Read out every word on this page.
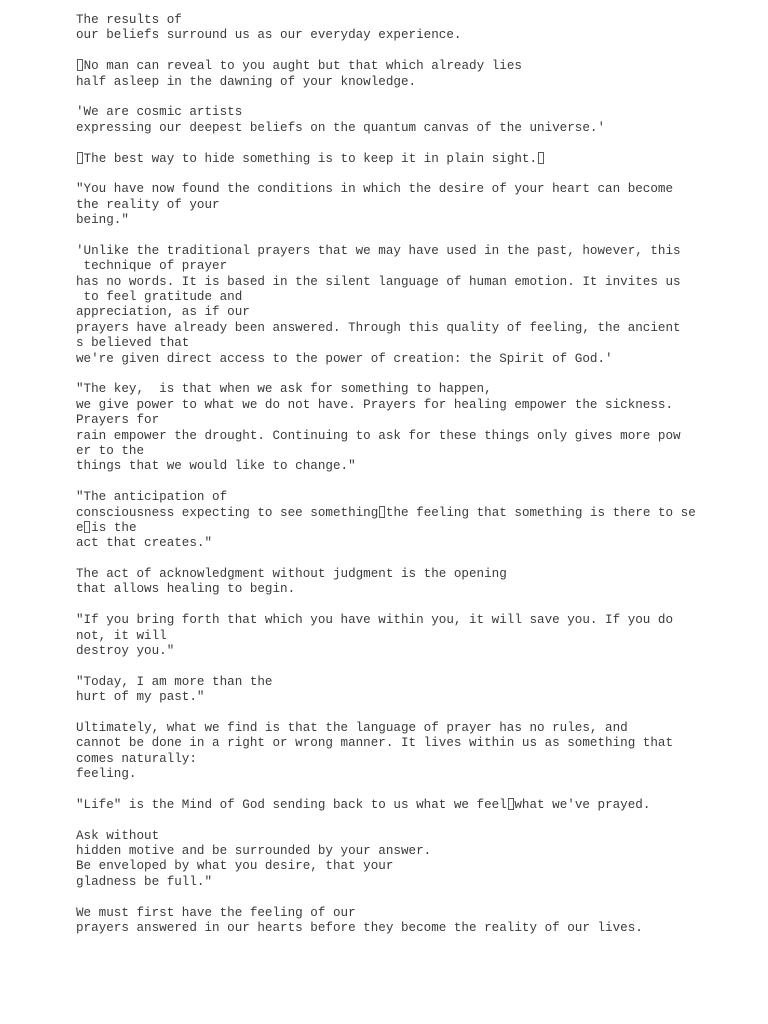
The results of
our beliefs surround us as our everyday experience.
No man can reveal to you aught but that which already lies
half asleep in the dawning of your knowledge.
'We are cosmic artists
expressing our deepest beliefs on the quantum canvas of the universe.'
The best way to hide something is to keep it in plain sight.
"You have now found the conditions in which the desire of your heart can become
the reality of your
being."
'Unlike the traditional prayers that we may have used in the past, however, this
technique of prayer
has no words. It is based in the silent language of human emotion. It invites us
to feel gratitude and
appreciation, as if our
prayers have already been answered. Through this quality of feeling, the ancient
s believed that
we're given direct access to the power of creation: the Spirit of God.'
"The key,  is that when we ask for something to happen,
we give power to what we do not have. Prayers for healing empower the sickness.
Prayers for
rain empower the drought. Continuing to ask for these things only gives more pow
er to the
things that we would like to change."
"The anticipation of
consciousness expecting to see something the feeling that something is there to se
e is the
act that creates."
The act of acknowledgment without judgment is the opening
that allows healing to begin.
"If you bring forth that which you have within you, it will save you. If you do
not, it will
destroy you."
"Today, I am more than the
hurt of my past."
Ultimately, what we find is that the language of prayer has no rules, and
cannot be done in a right or wrong manner. It lives within us as something that
comes naturally:
feeling.
"Life" is the Mind of God sending back to us what we feel what we've prayed.
Ask without
hidden motive and be surrounded by your answer.
Be enveloped by what you desire, that your
gladness be full."
We must first have the feeling of our
prayers answered in our hearts before they become the reality of our lives.
